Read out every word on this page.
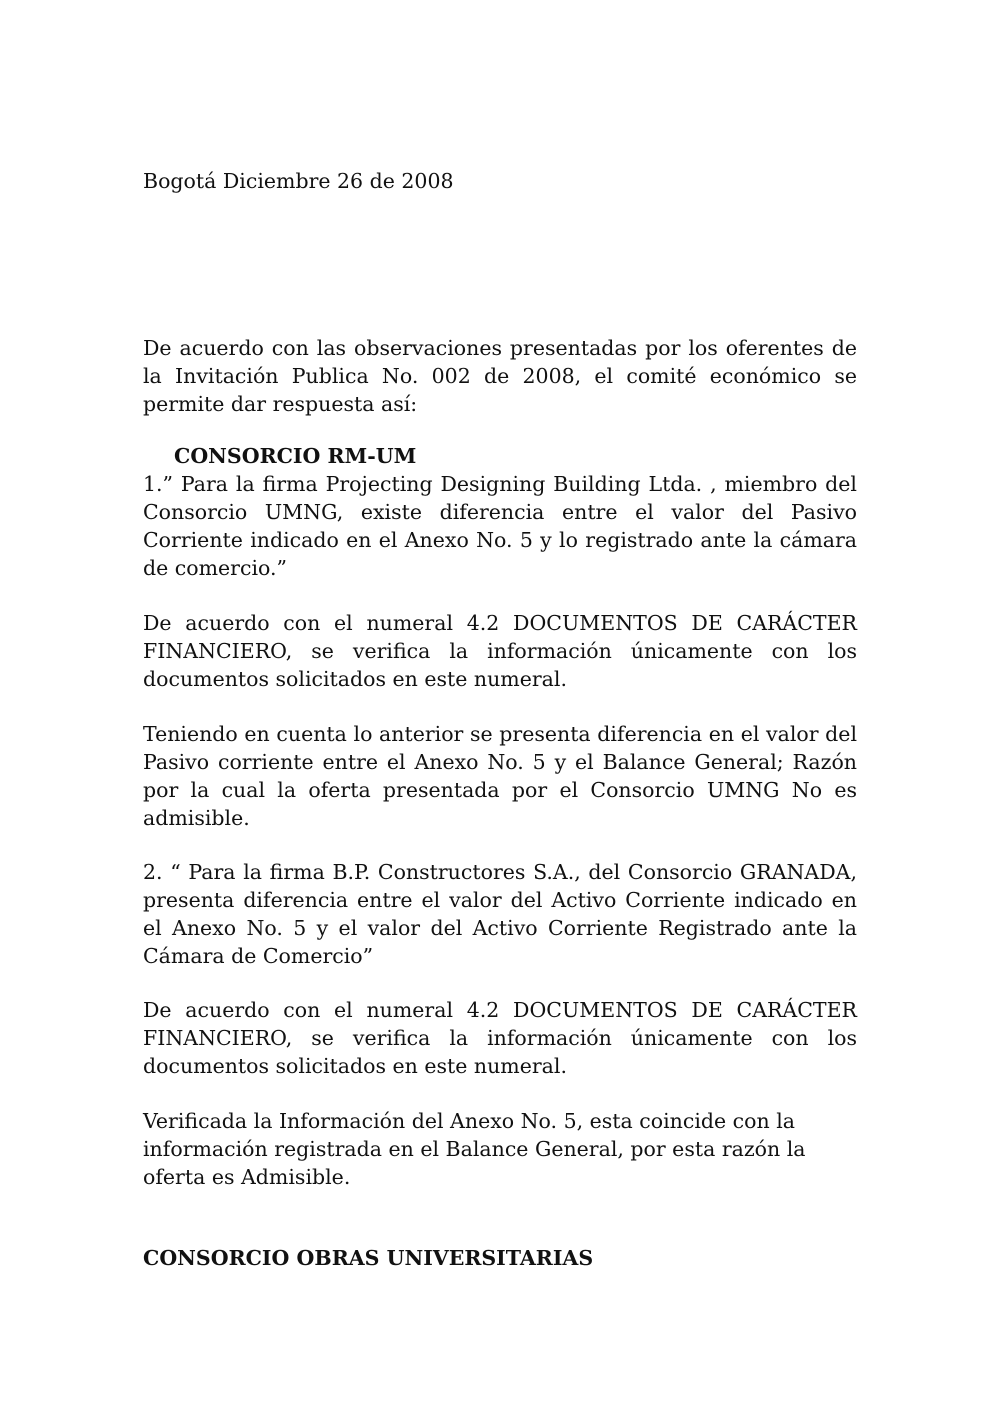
Bogotá Diciembre 26 de 2008

De acuerdo con las observaciones presentadas por los oferentes de la Invitación Publica No. 002 de 2008, el comité económico se permite dar respuesta así:

CONSORCIO RM-UM

1.” Para la firma Projecting Designing Building Ltda. , miembro del Consorcio UMNG, existe diferencia entre el valor del Pasivo Corriente indicado en el Anexo No. 5 y lo registrado ante la cámara de comercio.”

De acuerdo con el numeral 4.2 DOCUMENTOS DE CARÁCTER FINANCIERO, se verifica la información únicamente con los documentos solicitados en este numeral.

Teniendo en cuenta lo anterior se presenta diferencia en el valor del Pasivo corriente entre el Anexo No. 5 y el Balance General; Razón por la cual la oferta presentada por el Consorcio UMNG No es admisible.

2. “ Para la firma B.P. Constructores S.A., del Consorcio GRANADA, presenta diferencia entre el valor del Activo Corriente indicado en el Anexo No. 5 y el valor del Activo Corriente Registrado ante la Cámara de Comercio”

De acuerdo con el numeral 4.2 DOCUMENTOS DE CARÁCTER FINANCIERO, se verifica la información únicamente con los documentos solicitados en este numeral.

Verificada la Información del Anexo No. 5, esta coincide con la información registrada en el Balance General, por esta razón la oferta es Admisible.

CONSORCIO OBRAS UNIVERSITARIAS
